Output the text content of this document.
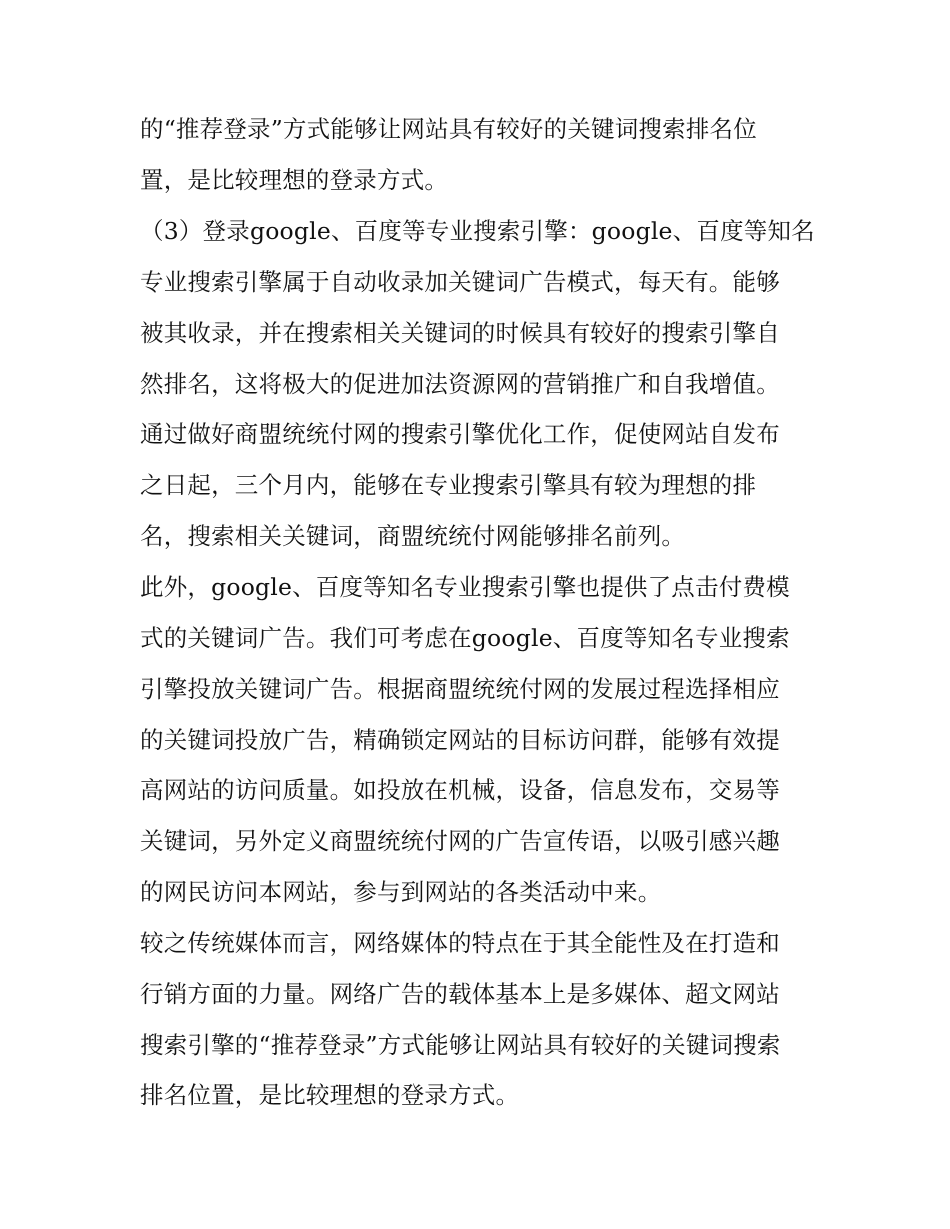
的“推荐登录”方式能够让网站具有较好的关键词搜索排名位
置，是比较理想的登录方式。
（3）登录google、百度等专业搜索引擎：google、百度等知名
专业搜索引擎属于自动收录加关键词广告模式，每天有。能够
被其收录，并在搜索相关关键词的时候具有较好的搜索引擎自
然排名，这将极大的促进加法资源网的营销推广和自我增值。
通过做好商盟统统付网的搜索引擎优化工作，促使网站自发布
之日起，三个月内，能够在专业搜索引擎具有较为理想的排
名，搜索相关关键词，商盟统统付网能够排名前列。
此外，google、百度等知名专业搜索引擎也提供了点击付费模
式的关键词广告。我们可考虑在google、百度等知名专业搜索
引擎投放关键词广告。根据商盟统统付网的发展过程选择相应
的关键词投放广告，精确锁定网站的目标访问群，能够有效提
高网站的访问质量。如投放在机械，设备，信息发布，交易等
关键词，另外定义商盟统统付网的广告宣传语，以吸引感兴趣
的网民访问本网站，参与到网站的各类活动中来。
较之传统媒体而言，网络媒体的特点在于其全能性及在打造和
行销方面的力量。网络广告的载体基本上是多媒体、超文网站
搜索引擎的“推荐登录”方式能够让网站具有较好的关键词搜索
排名位置，是比较理想的登录方式。
